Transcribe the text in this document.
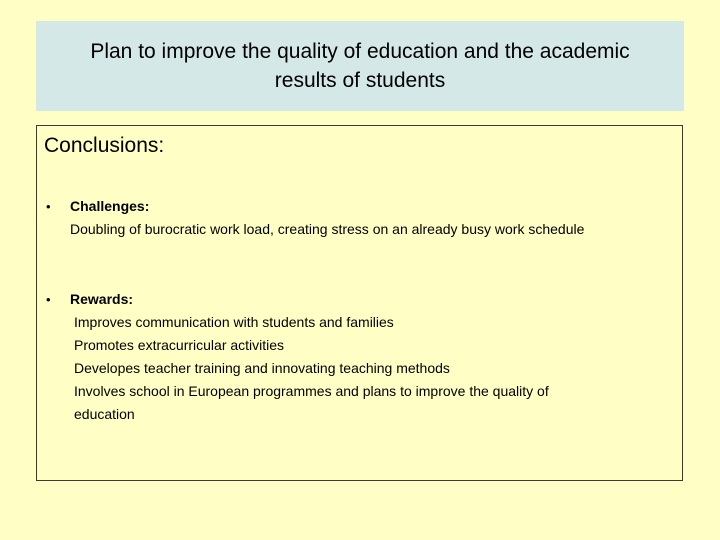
Plan to improve the quality of education and the academic
results of students
Conclusions:
• Challenges:
Doubling of burocratic work load, creating stress on an already busy work schedule
• Rewards:
Improves communication with students and families
Promotes extracurricular activities
Developes teacher training and innovating teaching methods
Involves school in European programmes and plans to improve the quality of
education
